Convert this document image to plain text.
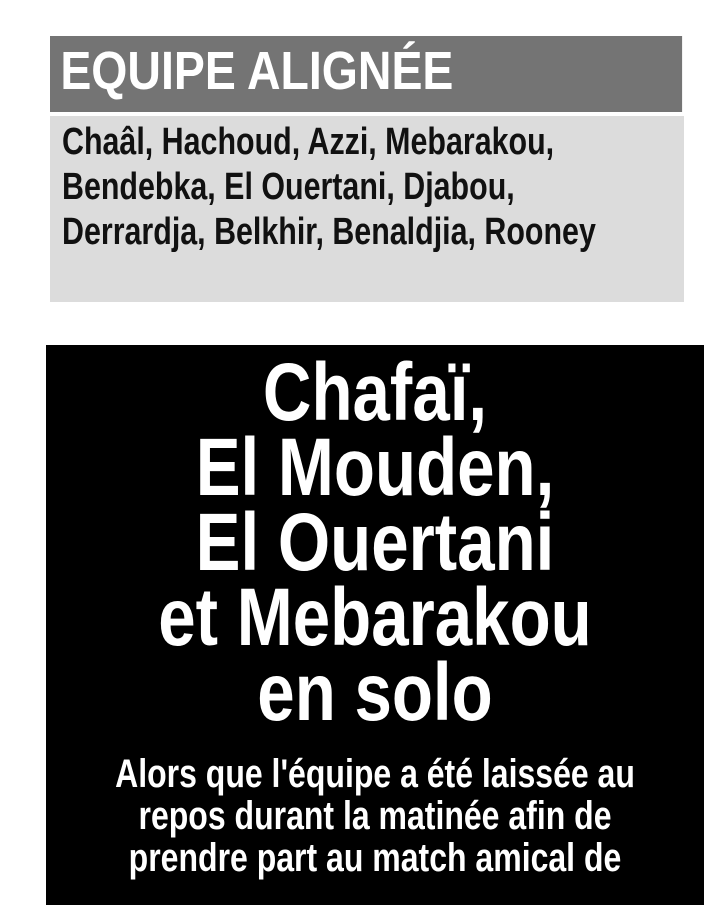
EQUIPE ALIGNÉE
Chaâl, Hachoud, Azzi, Mebarakou, Bendebka, El Ouertani, Djabou, Derrardja, Belkhir, Benaldjia, Rooney
Chafaï,
El Mouden,
El Ouertani
et Mebarakou
en solo
Alors que l'équipe a été laissée au
repos durant la matinée afin de
prendre part au match amical de
